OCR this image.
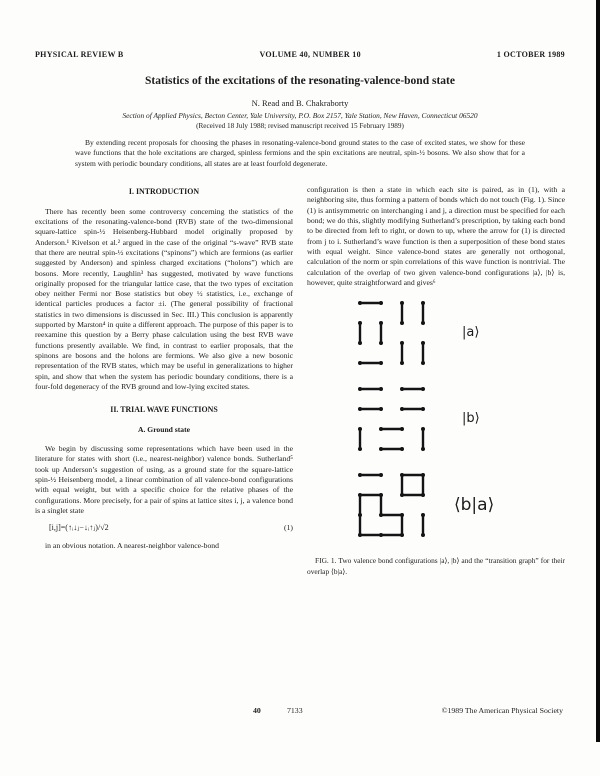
PHYSICAL REVIEW B	VOLUME 40, NUMBER 10	1 OCTOBER 1989
Statistics of the excitations of the resonating-valence-bond state
N. Read and B. Chakraborty
Section of Applied Physics, Becton Center, Yale University, P.O. Box 2157, Yale Station, New Haven, Connecticut 06520
(Received 18 July 1988; revised manuscript received 15 February 1989)
By extending recent proposals for choosing the phases in resonating-valence-bond ground states to the case of excited states, we show for these wave functions that the hole excitations are charged, spinless fermions and the spin excitations are neutral, spin-½ bosons. We also show that for a system with periodic boundary conditions, all states are at least fourfold degenerate.
I. INTRODUCTION

There has recently been some controversy concerning the statistics of the excitations of the resonating-valence-bond (RVB) state of the two-dimensional square-lattice spin-½ Heisenberg-Hubbard model originally proposed by Anderson.¹ Kivelson et al.² argued in the case of the original “s-wave” RVB state that there are neutral spin-½ excitations (“spinons”) which are fermions (as earlier suggested by Anderson) and spinless charged excitations (“holons”) which are bosons. More recently, Laughlin³ has suggested, motivated by wave functions originally proposed for the triangular lattice case, that the two types of excitation obey neither Fermi nor Bose statistics but obey ½ statistics, i.e., exchange of identical particles produces a factor ±i. (The general possibility of fractional statistics in two dimensions is discussed in Sec. III.) This conclusion is apparently supported by Marston⁴ in quite a different approach. The purpose of this paper is to reexamine this question by a Berry phase calculation using the best RVB wave functions presently available. We find, in contrast to earlier proposals, that the spinons are bosons and the holons are fermions. We also give a new bosonic representation of the RVB states, which may be useful in generalizations to higher spin, and show that when the system has periodic boundary conditions, there is a four-fold degeneracy of the RVB ground and low-lying excited states.

II. TRIAL WAVE FUNCTIONS
A. Ground state

We begin by discussing some representations which have been used in the literature for states with short (i.e., nearest-neighbor) valence bonds. Sutherland⁵ took up Anderson’s suggestion of using, as a ground state for the square-lattice spin-½ Heisenberg model, a linear combination of all valence-bond configurations with equal weight, but with a specific choice for the relative phases of the configurations. More precisely, for a pair of spins at lattice sites i, j, a valence bond is a singlet state

[i,j]=(↑ᵢ↓ⱼ−↓ᵢ↑ⱼ)/√2	(1)

in an obvious notation. A nearest-neighbor valence-bond

configuration is then a state in which each site is paired, as in (1), with a neighboring site, thus forming a pattern of bonds which do not touch (Fig. 1). Since (1) is antisymmetric on interchanging i and j, a direction must be specified for each bond; we do this, slightly modifying Sutherland’s prescription, by taking each bond to be directed from left to right, or down to up, where the arrow for (1) is directed from j to i. Sutherland’s wave function is then a superposition of these bond states with equal weight. Since valence-bond states are generally not orthogonal, calculation of the norm or spin correlations of this wave function is nontrivial. The calculation of the overlap of two given valence-bond configurations |a⟩, |b⟩ is, however, quite straightforward and gives⁶

|a⟩
|b⟩
⟨b|a⟩
FIG. 1. Two valence bond configurations |a⟩, |b⟩ and the “transition graph” for their overlap ⟨b|a⟩.
40	7133	©1989 The American Physical Society
